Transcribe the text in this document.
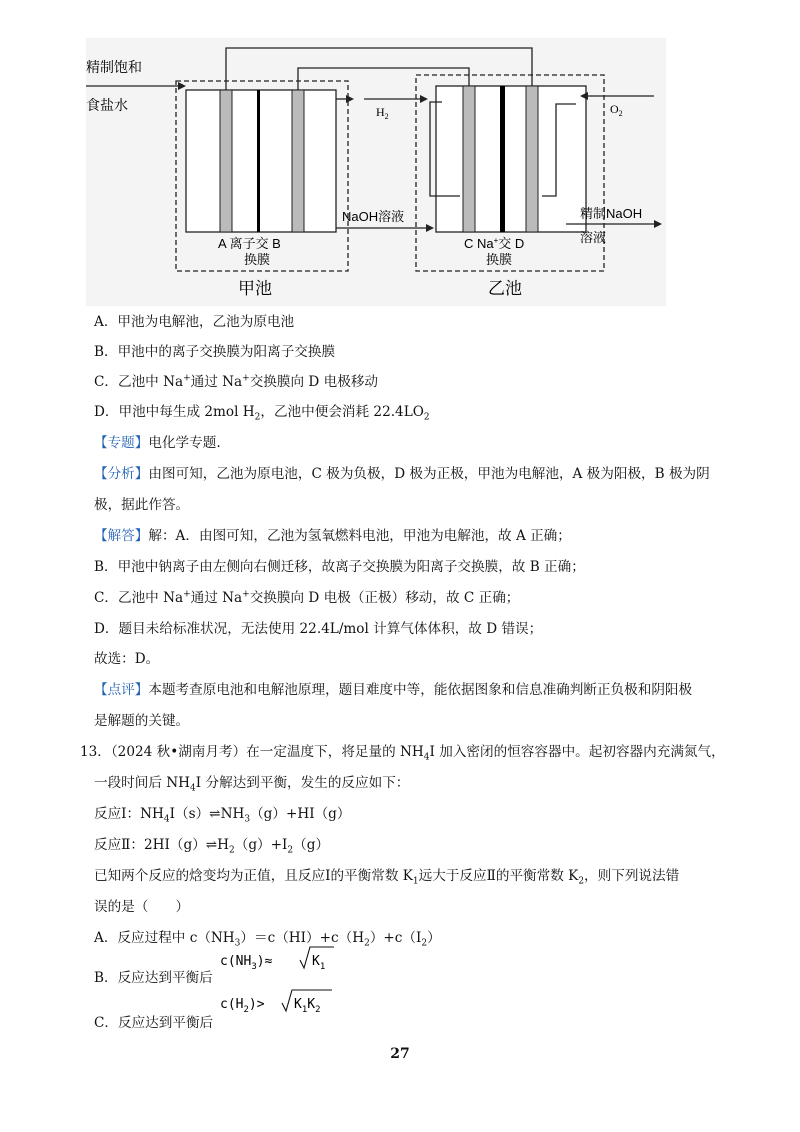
$H_2$
$O_2$
NaOH溶液	精制NaOH
溶液
精制饱和
食盐水
A 离子交 B
换膜
C Na+交 D
换膜
甲池	乙池
A．甲池为电解池，乙池为原电池
B．甲池中的离子交换膜为阳离子交换膜
C．乙池中 Na+通过 Na+交换膜向 D 电极移动
D．甲池中每生成 2mol $H_2$，乙池中便会消耗 $22.4LO_2$
【专题】电化学专题.
【分析】由图可知，乙池为原电池，C 极为负极，D 极为正极，甲池为电解池，A 极为阳极，B 极为阴
极，据此作答。
【解答】解：A．由图可知，乙池为氢氧燃料电池，甲池为电解池，故 A 正确；
B．甲池中钠离子由左侧向右侧迁移，故离子交换膜为阳离子交换膜，故 B 正确；
C．乙池中 Na+通过 Na+交换膜向 D 电极（正极）移动，故 C 正确；
D．题目未给标准状况，无法使用 22.4L/mol 计算气体体积，故 D 错误；
故选：D。
【点评】本题考查原电池和电解池原理，题目难度中等，能依据图象和信息准确判断正负极和阴阳极
是解题的关键。
13．（2024 秋•湖南月考）在一定温度下，将足量的 $NH_4I$ 加入密闭的恒容容器中。起初容器内充满氮气，
一段时间后 $NH_4I$ 分解达到平衡，发生的反应如下：
反应Ⅰ：$NH_4I(s)\rightleftharpoons NH_3(g)+HI(g)$
反应Ⅱ：$2HI(g)\rightleftharpoons H_2(g)+I_2(g)$
已知两个反应的焓变均为正值，且反应Ⅰ的平衡常数 $K_1$远大于反应Ⅱ的平衡常数 $K_2$，则下列说法错
误的是（　　）
A．反应过程中 $c(NH_3)=c(HI)+c(H_2)+c(I_2)$
B．反应达到平衡后
$c(NH_3)\approx$	$K_1$
C．反应达到平衡后
$c(H_2)> K_1K_2$
27
